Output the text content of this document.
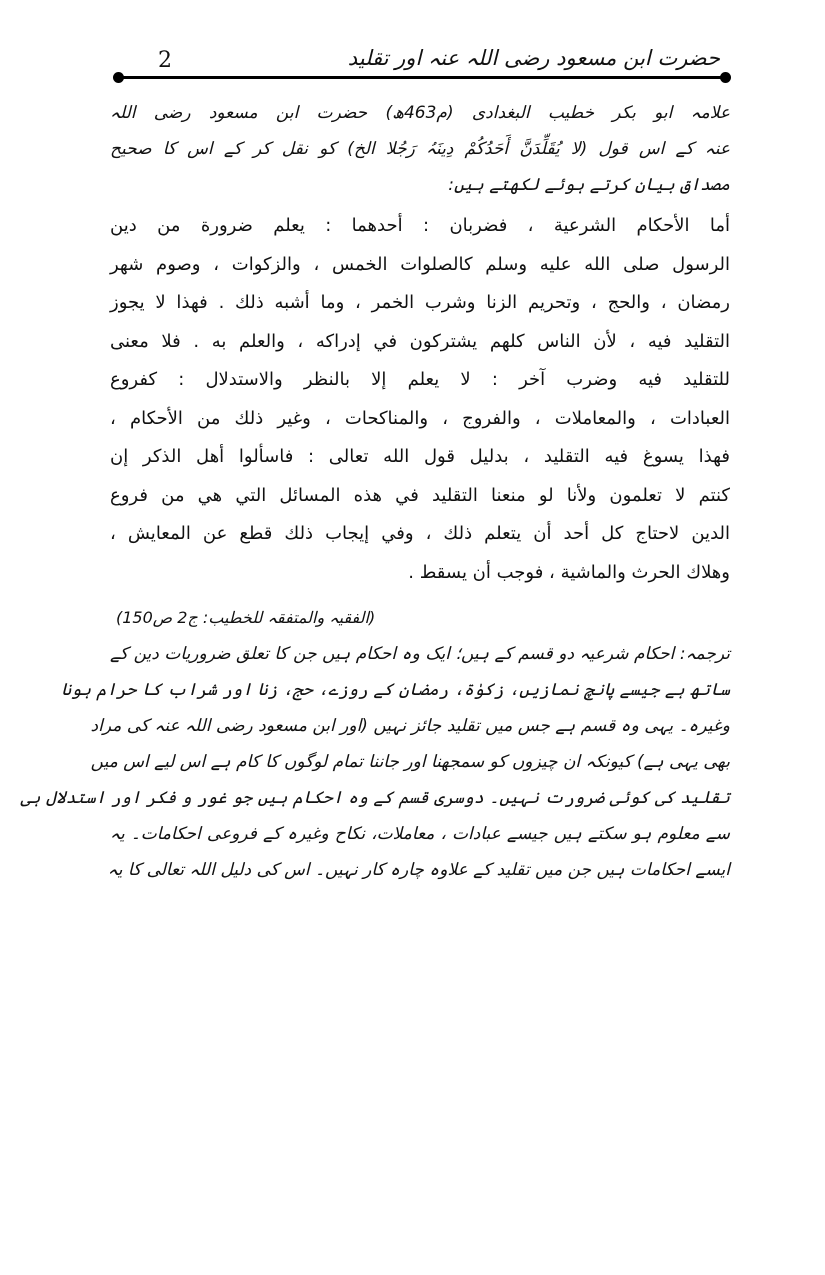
2	حضرت ابن مسعود رضی اللہ عنہ اور تقلید
علامہ ابو بکر خطیب البغدادی (م463ھ) حضرت ابن مسعود رضی اللہ
عنہ کے اس قول (لا یُقَلِّدَنَّ أَحَدُکُمْ دِینَہُ رَجُلا الخ) کو نقل کر کے اس کا صحیح
مصداق بیان کرتے ہوئے لکھتے ہیں:
أما الأحكام الشرعية ، فضربان : أحدهما : يعلم ضرورة من دين
الرسول صلى الله عليه وسلم كالصلوات الخمس ، والزكوات ، وصوم شهر
رمضان ، والحج ، وتحريم الزنا وشرب الخمر ، وما أشبه ذلك . فهذا لا يجوز
التقليد فيه ، لأن الناس كلهم يشتركون في إدراكه ، والعلم به . فلا معنى
للتقليد فيه وضرب آخر : لا يعلم إلا بالنظر والاستدلال : كفروع
العبادات ، والمعاملات ، والفروج ، والمناكحات ، وغير ذلك من الأحكام ،
فهذا يسوغ فيه التقليد ، بدليل قول الله تعالى : فاسألوا أهل الذكر إن
كنتم لا تعلمون ولأنا لو منعنا التقليد في هذه المسائل التي هي من فروع
الدين لاحتاج كل أحد أن يتعلم ذلك ، وفي إيجاب ذلك قطع عن المعايش ،
وهلاك الحرث والماشية ، فوجب أن يسقط .
(الفقیہ والمتفقہ للخطیب: ج2 ص150)
ترجمہ: احکام شرعیہ دو قسم کے ہیں؛ ایک وہ احکام ہیں جن کا تعلق ضروریات دین کے
ساتھ ہے جیسے پانچ نمازیں، زکوٰۃ، رمضان کے روزے، حج، زنا اور شراب کا حرام ہونا
وغیرہ۔ یہی وہ قسم ہے جس میں تقلید جائز نہیں (اور ابن مسعود رضی اللہ عنہ کی مراد
بھی یہی ہے) کیونکہ ان چیزوں کو سمجھنا اور جاننا تمام لوگوں کا کام ہے اس لیے اس میں
تقلید کی کوئی ضرورت نہیں۔ دوسری قسم کے وہ احکام ہیں جو غور و فکر اور استدلال ہی
سے معلوم ہو سکتے ہیں جیسے عبادات ، معاملات، نکاح وغیرہ کے فروعی احکامات۔ یہ
ایسے احکامات ہیں جن میں تقلید کے علاوہ چارہ کار نہیں۔ اس کی دلیل اللہ تعالی کا یہ
